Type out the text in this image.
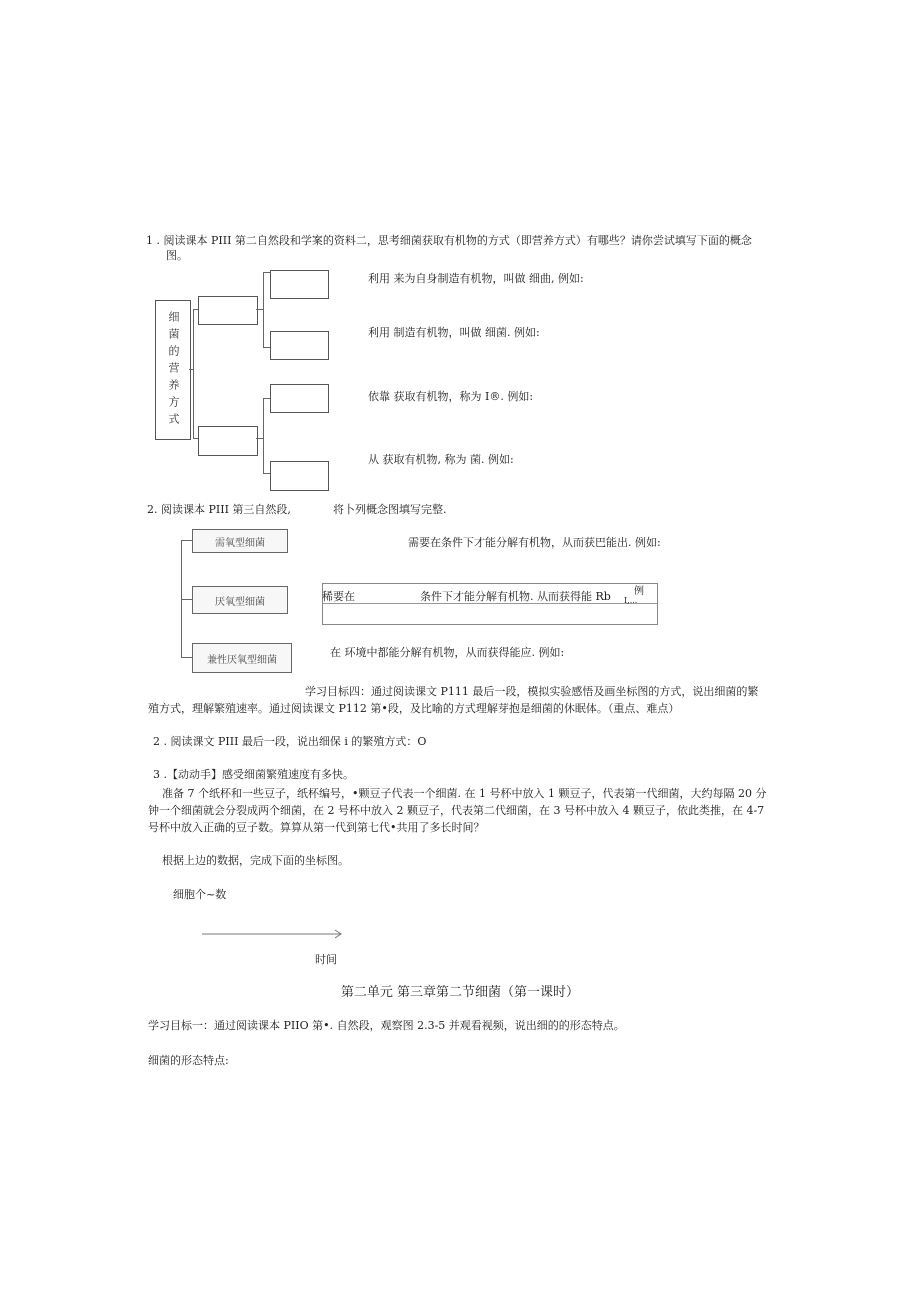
1 . 阅读课本 PIII 第二自然段和学案的资料二，思考细菌获取有机物的方式（即营养方式）有哪些？请你尝试填写下面的概念
图。
细菌的营养方式
利用 来为自身制造有机物，叫做 细曲, 例如:
利用 制造有机物，叫做 细菌. 例如:
依靠 获取有机物，称为 I®. 例如:
从 获取有机物, 称为 菌. 例如:
2. 阅读课本 PIII 第三自然段,	将卜列概念图填写完整.
需氧型细菌
厌氧型细菌
兼性厌氧型细菌
需要在条件下才能分解有机物，从而获巴能出. 例如:
稀要在	条件下才能分解有机物. 从而获得能 Rb 例
I,...
在 环境中都能分解有机物，从而获得能应. 例如:
学习目标四：通过阅读课文 P111 最后一段，模拟实验感悟及画坐标图的方式，说出细菌的繁
殖方式，理解繁殖速率。通过阅读课文 P112 第•段，及比喻的方式理解芽抱是细菌的休眠体。（重点、难点）
2 . 阅读课文 PIII 最后一段，说出细保 i 的繁殖方式：O
3 .【动动手】感受细菌繁殖速度有多快。
准备 7 个纸杯和一些豆子，纸杯编号，•颗豆子代表一个细菌. 在 1 号杯中放入 1 颗豆子，代表第一代细菌，大约每隔 20 分
钟一个细菌就会分裂成两个细菌，在 2 号杯中放入 2 颗豆子，代表第二代细菌，在 3 号杯中放入 4 颗豆子，依此类推，在 4-7
号杯中放入正确的豆子数。算算从第一代到第七代•共用了多长时间？
根据上边的数据，完成下面的坐标图。
细胞个~数
时间
第二单元 第三章第二节细菌（第一课时）
学习目标一：通过阅读课本 PIIO 第•. 自然段，观察图 2.3-5 并观看视频，说出细的的形态特点。
细菌的形态特点:
